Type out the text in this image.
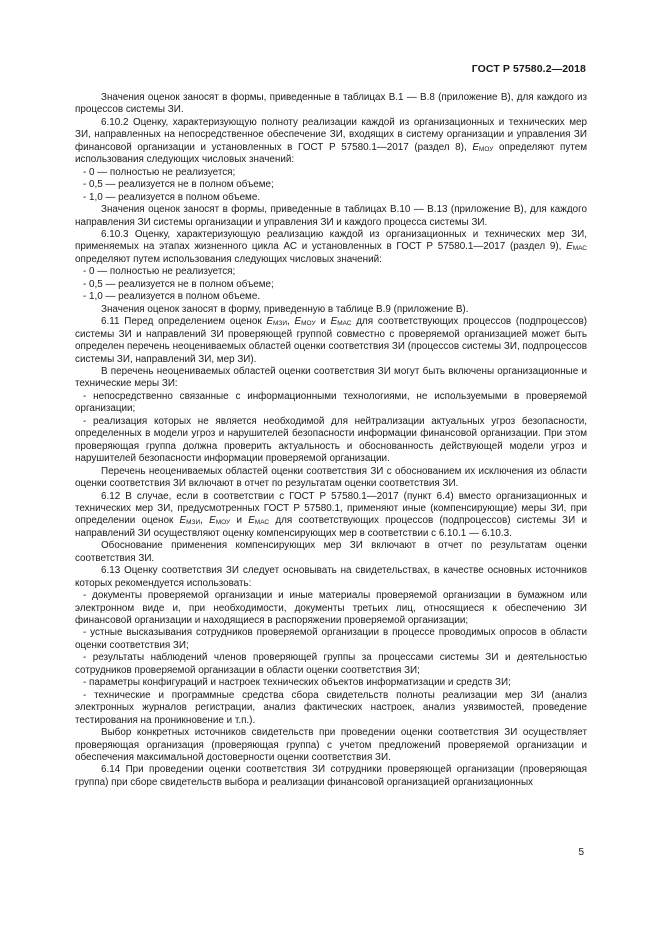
ГОСТ Р 57580.2—2018

Значения оценок заносят в формы, приведенные в таблицах В.1 — В.8 (приложение В), для каждого из процессов системы ЗИ.

6.10.2 Оценку, характеризующую полноту реализации каждой из организационных и технических мер ЗИ, направленных на непосредственное обеспечение ЗИ, входящих в систему организации и управления ЗИ финансовой организации и установленных в ГОСТ Р 57580.1—2017 (раздел 8), $E_{МОУ}$ определяют путем использования следующих числовых значений:

- 0 — полностью не реализуется;

- 0,5 — реализуется не в полном объеме;

- 1,0 — реализуется в полном объеме.

Значения оценок заносят в формы, приведенные в таблицах В.10 — В.13 (приложение В), для каждого направления ЗИ системы организации и управления ЗИ и каждого процесса системы ЗИ.

6.10.3 Оценку, характеризующую реализацию каждой из организационных и технических мер ЗИ, применяемых на этапах жизненного цикла АС и установленных в ГОСТ Р 57580.1—2017 (раздел 9), $E_{МАС}$ определяют путем использования следующих числовых значений:

- 0 — полностью не реализуется;

- 0,5 — реализуется не в полном объеме;

- 1,0 — реализуется в полном объеме.

Значения оценок заносят в форму, приведенную в таблице В.9 (приложение В).

6.11 Перед определением оценок $E_{МЗИ}$, $E_{МОУ}$ и $E_{МАС}$ для соответствующих процессов (подпроцессов) системы ЗИ и направлений ЗИ проверяющей группой совместно с проверяемой организацией может быть определен перечень неоцениваемых областей оценки соответствия ЗИ (процессов системы ЗИ, подпроцессов системы ЗИ, направлений ЗИ, мер ЗИ).

В перечень неоцениваемых областей оценки соответствия ЗИ могут быть включены организационные и технические меры ЗИ:

- непосредственно связанные с информационными технологиями, не используемыми в проверяемой организации;

- реализация которых не является необходимой для нейтрализации актуальных угроз безопасности, определенных в модели угроз и нарушителей безопасности информации финансовой организации. При этом проверяющая группа должна проверить актуальность и обоснованность действующей модели угроз и нарушителей безопасности информации проверяемой организации.

Перечень неоцениваемых областей оценки соответствия ЗИ с обоснованием их исключения из области оценки соответствия ЗИ включают в отчет по результатам оценки соответствия ЗИ.

6.12 В случае, если в соответствии с ГОСТ Р 57580.1—2017 (пункт 6.4) вместо организационных и технических мер ЗИ, предусмотренных ГОСТ Р 57580.1, применяют иные (компенсирующие) меры ЗИ, при определении оценок $E_{МЗИ}$, $E_{МОУ}$ и $E_{МАС}$ для соответствующих процессов (подпроцессов) системы ЗИ и направлений ЗИ осуществляют оценку компенсирующих мер в соответствии с 6.10.1 — 6.10.3.

Обоснование применения компенсирующих мер ЗИ включают в отчет по результатам оценки соответствия ЗИ.

6.13 Оценку соответствия ЗИ следует основывать на свидетельствах, в качестве основных источников которых рекомендуется использовать:

- документы проверяемой организации и иные материалы проверяемой организации в бумажном или электронном виде и, при необходимости, документы третьих лиц, относящиеся к обеспечению ЗИ финансовой организации и находящиеся в распоряжении проверяемой организации;

- устные высказывания сотрудников проверяемой организации в процессе проводимых опросов в области оценки соответствия ЗИ;

- результаты наблюдений членов проверяющей группы за процессами системы ЗИ и деятельностью сотрудников проверяемой организации в области оценки соответствия ЗИ;

- параметры конфигураций и настроек технических объектов информатизации и средств ЗИ;

- технические и программные средства сбора свидетельств полноты реализации мер ЗИ (анализ электронных журналов регистрации, анализ фактических настроек, анализ уязвимостей, проведение тестирования на проникновение и т.п.).

Выбор конкретных источников свидетельств при проведении оценки соответствия ЗИ осуществляет проверяющая организация (проверяющая группа) с учетом предложений проверяемой организации и обеспечения максимальной достоверности оценки соответствия ЗИ.

6.14 При проведении оценки соответствия ЗИ сотрудники проверяющей организации (проверяющая группа) при сборе свидетельств выбора и реализации финансовой организацией организационных

5
